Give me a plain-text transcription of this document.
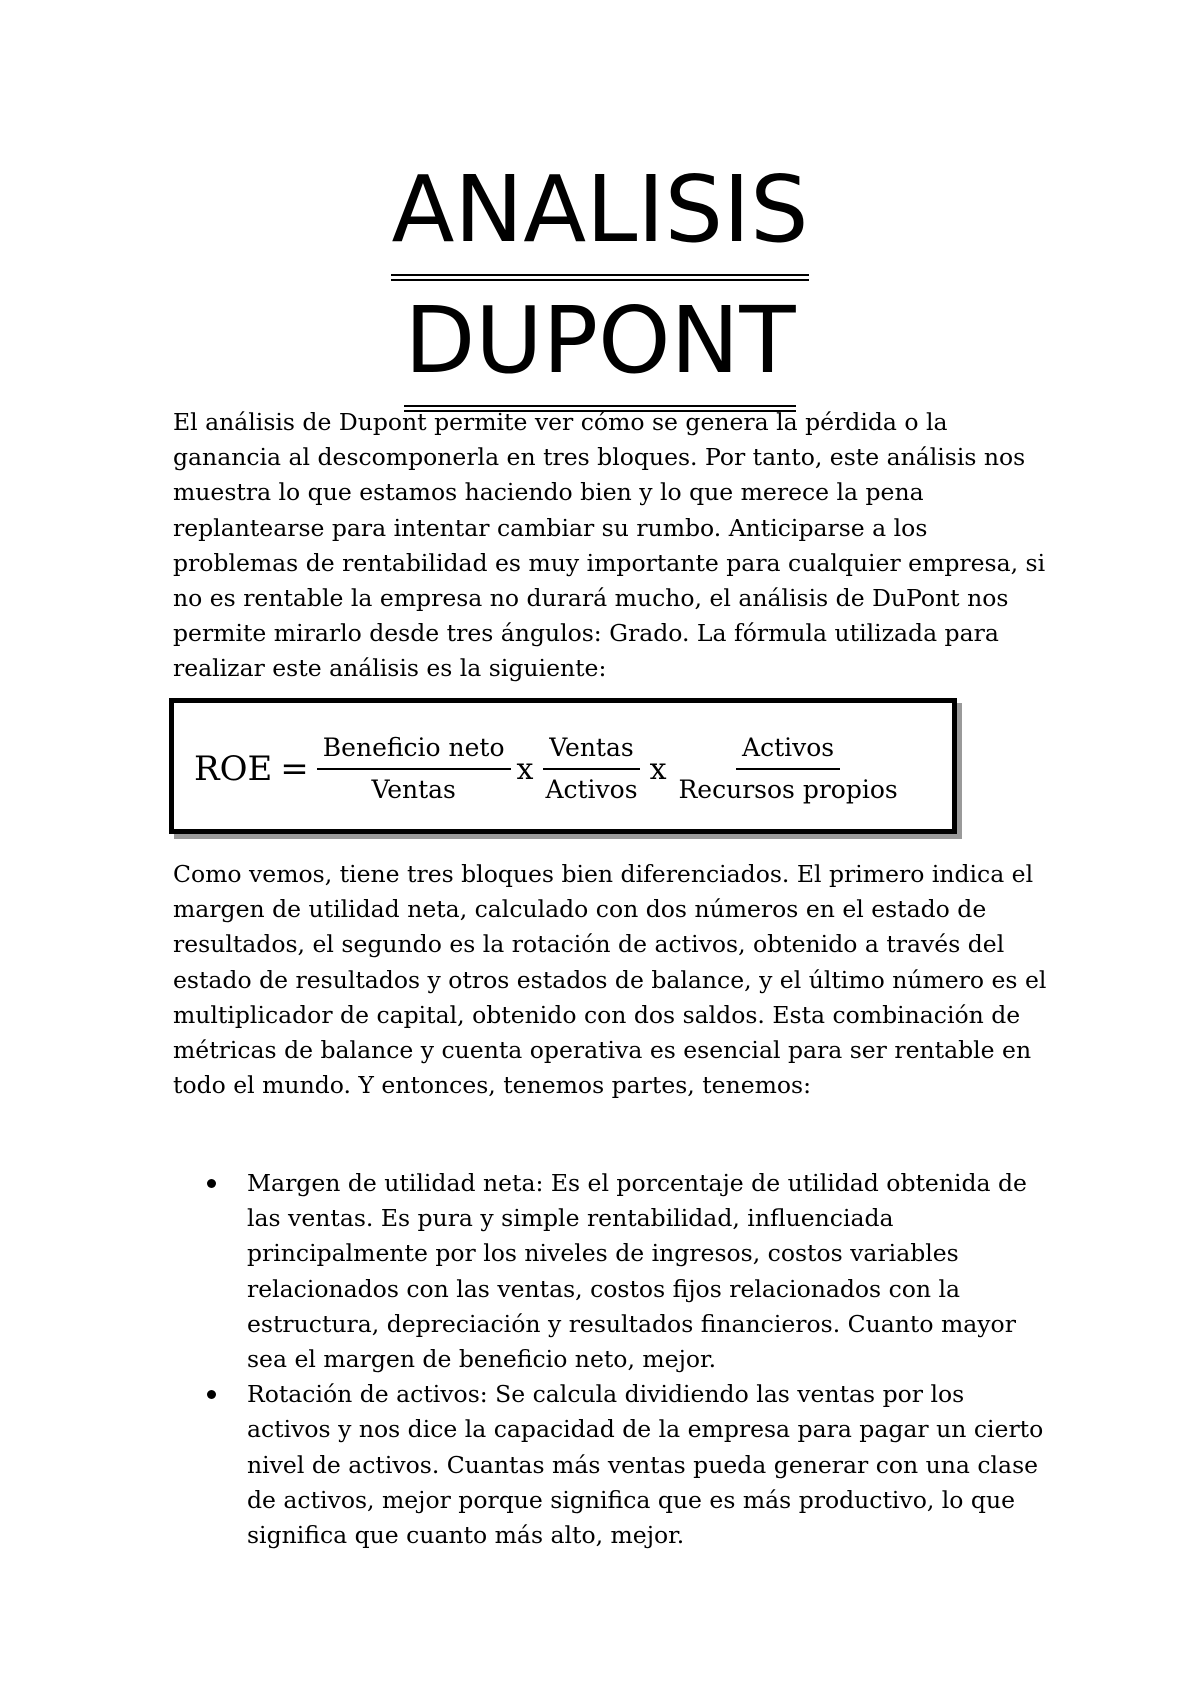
ANALISIS
DUPONT

El análisis de Dupont permite ver cómo se genera la pérdida o la ganancia al descomponerla en tres bloques. Por tanto, este análisis nos muestra lo que estamos haciendo bien y lo que merece la pena replantearse para intentar cambiar su rumbo. Anticiparse a los problemas de rentabilidad es muy importante para cualquier empresa, si no es rentable la empresa no durará mucho, el análisis de DuPont nos permite mirarlo desde tres ángulos: Grado. La fórmula utilizada para realizar este análisis es la siguiente:

ROE = $\frac{\text{Beneficio neto}}{\text{Ventas}}$ x $\frac{\text{Ventas}}{\text{Activos}}$ x $\frac{\text{Activos}}{\text{Recursos propios}}$

Como vemos, tiene tres bloques bien diferenciados. El primero indica el margen de utilidad neta, calculado con dos números en el estado de resultados, el segundo es la rotación de activos, obtenido a través del estado de resultados y otros estados de balance, y el último número es el multiplicador de capital, obtenido con dos saldos. Esta combinación de métricas de balance y cuenta operativa es esencial para ser rentable en todo el mundo. Y entonces, tenemos partes, tenemos:

Margen de utilidad neta: Es el porcentaje de utilidad obtenida de las ventas. Es pura y simple rentabilidad, influenciada principalmente por los niveles de ingresos, costos variables relacionados con las ventas, costos fijos relacionados con la estructura, depreciación y resultados financieros. Cuanto mayor sea el margen de beneficio neto, mejor.
Rotación de activos: Se calcula dividiendo las ventas por los activos y nos dice la capacidad de la empresa para pagar un cierto nivel de activos. Cuantas más ventas pueda generar con una clase de activos, mejor porque significa que es más productivo, lo que significa que cuanto más alto, mejor.
